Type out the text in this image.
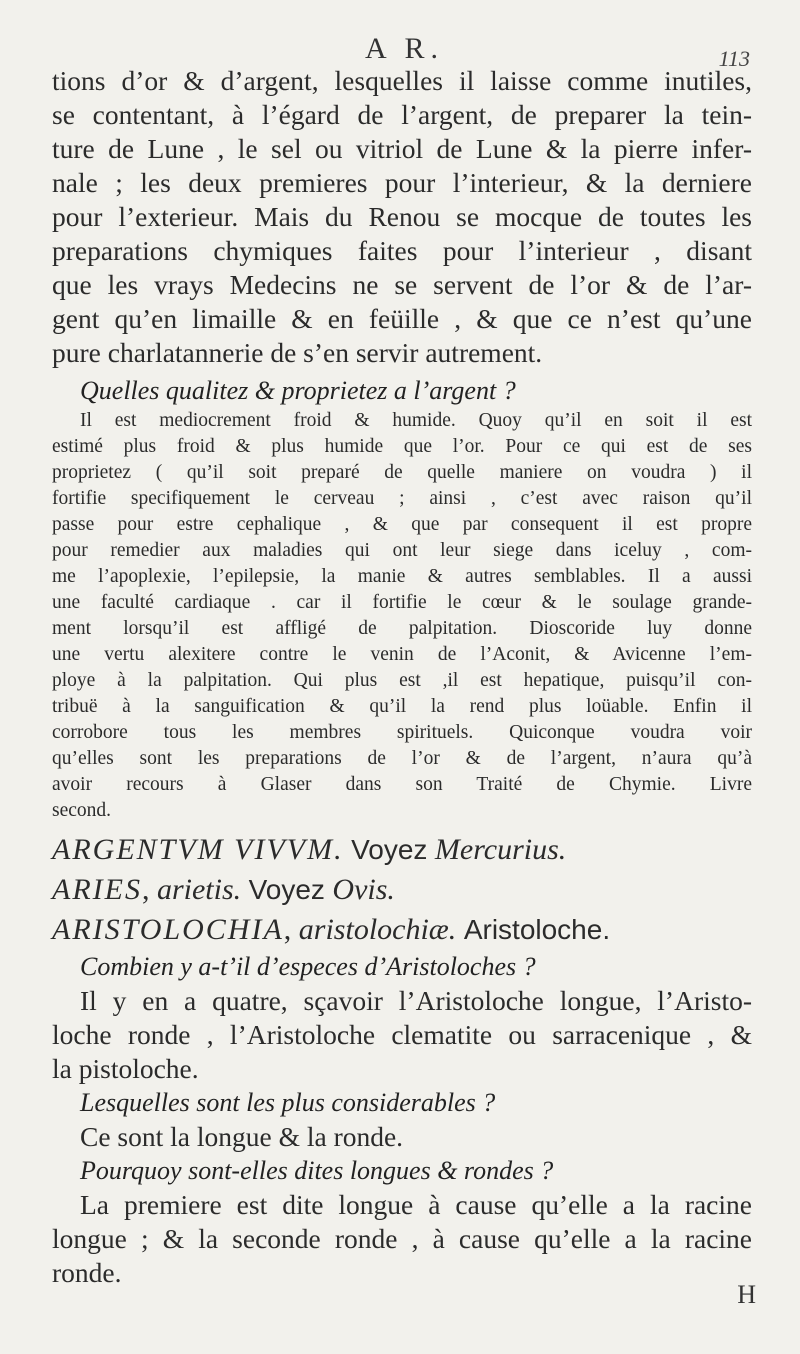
A R.	113

tions d’or & d’argent, lesquelles il laisse comme inutiles,

se contentant, à l’égard de l’argent, de preparer la tein-

ture de Lune , le sel ou vitriol de Lune & la pierre infer-

nale ; les deux premieres pour l’interieur, & la derniere

pour l’exterieur. Mais du Renou se mocque de toutes les

preparations chymiques faites pour l’interieur , disant

que les vrays Medecins ne se servent de l’or & de l’ar-

gent qu’en limaille & en feüille , & que ce n’est qu’une

pure charlatannerie de s’en servir autrement.

Quelles qualitez & proprietez a l’argent ?

Il est mediocrement froid & humide. Quoy qu’il en soit il est

estimé plus froid & plus humide que l’or. Pour ce qui est de ses

proprietez ( qu’il soit preparé de quelle maniere on voudra ) il

fortifie specifiquement le cerveau ; ainsi , c’est avec raison qu’il

passe pour estre cephalique , & que par consequent il est propre

pour remedier aux maladies qui ont leur siege dans iceluy , com-

me l’apoplexie, l’epilepsie, la manie & autres semblables. Il a aussi

une faculté cardiaque . car il fortifie le cœur & le soulage grande-

ment lorsqu’il est affligé de palpitation. Dioscoride luy donne

une vertu alexitere contre le venin de l’Aconit, & Avicenne l’em-

ploye à la palpitation. Qui plus est ,il est hepatique, puisqu’il con-

tribuë à la sanguification & qu’il la rend plus loüable. Enfin il

corrobore tous les membres spirituels. Quiconque voudra voir

qu’elles sont les preparations de l’or & de l’argent, n’aura qu’à

avoir recours à Glaser dans son Traité de Chymie. Livre

second.

ARGENTVM VIVVM. Voyez Mercurius.

ARIES, arietis. Voyez Ovis.

ARISTOLOCHIA, aristolochiæ. Aristoloche.

Combien y a-t’il d’especes d’Aristoloches ?

Il y en a quatre, sçavoir l’Aristoloche longue, l’Aristo-

loche ronde , l’Aristoloche clematite ou sarracenique , &

la pistoloche.

Lesquelles sont les plus considerables ?

Ce sont la longue & la ronde.

Pourquoy sont-elles dites longues & rondes ?

La premiere est dite longue à cause qu’elle a la racine

longue ; & la seconde ronde , à cause qu’elle a la racine

ronde.

H
